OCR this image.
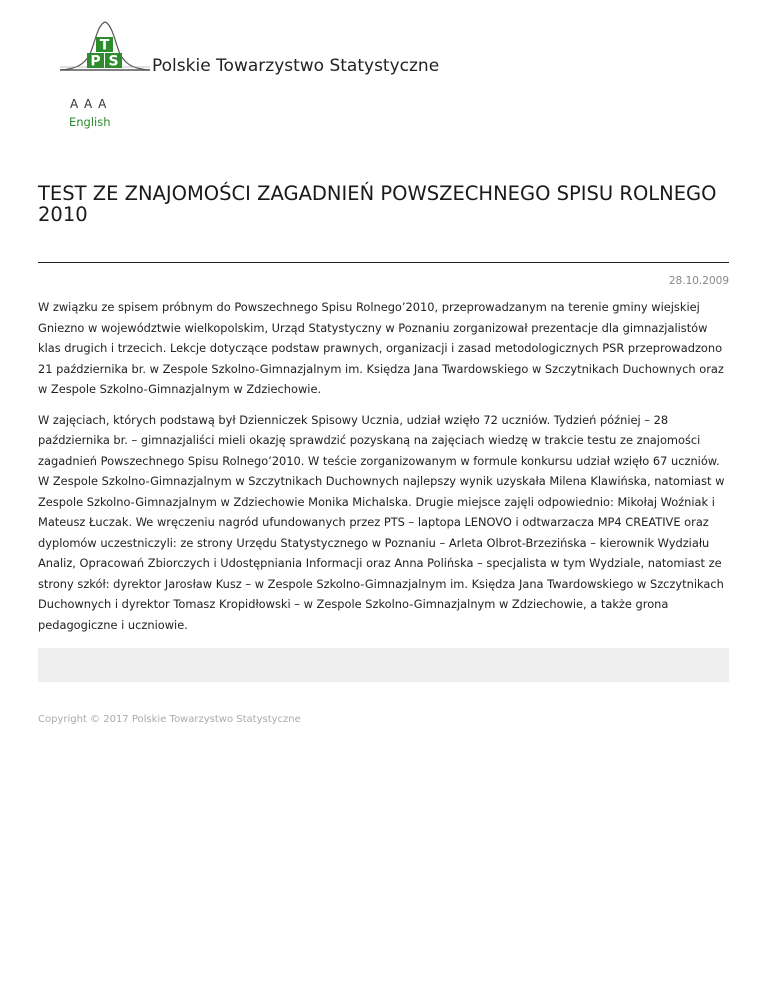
T
P S Polskie Towarzystwo Statystyczne
A A A
English
TEST ZE ZNAJOMOŚCI ZAGADNIEŃ POWSZECHNEGO SPISU ROLNEGO 2010
28.10.2009

W związku ze spisem próbnym do Powszechnego Spisu Rolnego’2010, przeprowadzanym na terenie gminy wiejskiej Gniezno w województwie wielkopolskim, Urząd Statystyczny w Poznaniu zorganizował prezentacje dla gimnazjalistów klas drugich i trzecich. Lekcje dotyczące podstaw prawnych, organizacji i zasad metodologicznych PSR przeprowadzono 21 października br. w Zespole Szkolno-Gimnazjalnym im. Księdza Jana Twardowskiego w Szczytnikach Duchownych oraz w Zespole Szkolno-Gimnazjalnym w Zdziechowie.

W zajęciach, których podstawą był Dzienniczek Spisowy Ucznia, udział wzięło 72 uczniów. Tydzień później – 28 października br. – gimnazjaliści mieli okazję sprawdzić pozyskaną na zajęciach wiedzę w trakcie testu ze znajomości zagadnień Powszechnego Spisu Rolnego’2010. W teście zorganizowanym w formule konkursu udział wzięło 67 uczniów. W Zespole Szkolno-Gimnazjalnym w Szczytnikach Duchownych najlepszy wynik uzyskała Milena Klawińska, natomiast w Zespole Szkolno-Gimnazjalnym w Zdziechowie Monika Michalska. Drugie miejsce zajęli odpowiednio: Mikołaj Woźniak i Mateusz Łuczak. We wręczeniu nagród ufundowanych przez PTS – laptopa LENOVO i odtwarzacza MP4 CREATIVE oraz dyplomów uczestniczyli: ze strony Urzędu Statystycznego w Poznaniu – Arleta Olbrot-Brzezińska – kierownik Wydziału Analiz, Opracowań Zbiorczych i Udostępniania Informacji oraz Anna Polińska – specjalista w tym Wydziale, natomiast ze strony szkół: dyrektor Jarosław Kusz – w Zespole Szkolno-Gimnazjalnym im. Księdza Jana Twardowskiego w Szczytnikach Duchownych i dyrektor Tomasz Kropidłowski – w Zespole Szkolno-Gimnazjalnym w Zdziechowie, a także grona pedagogiczne i uczniowie.

Copyright © 2017 Polskie Towarzystwo Statystyczne
